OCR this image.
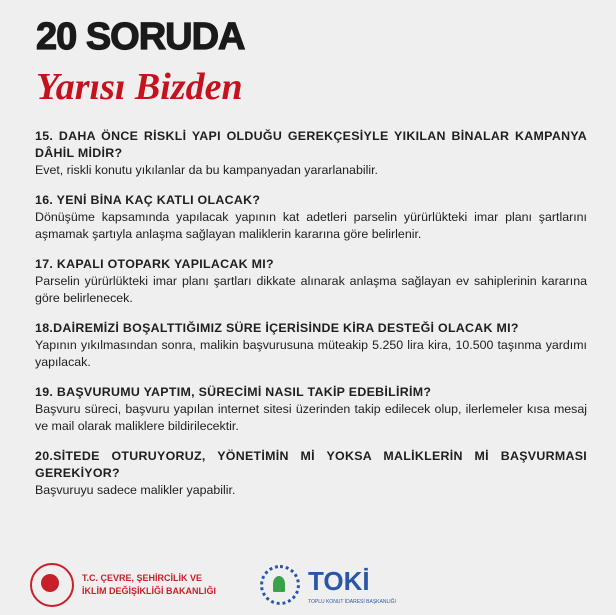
20 SORUDA
Yarısı Bizden
15. DAHA ÖNCE RİSKLİ YAPI OLDUĞU GEREKÇESİYLE YIKILAN BİNALAR KAMPANYA DÂHİL MİDİR?
Evet, riskli konutu yıkılanlar da bu kampanyadan yararlanabilir.
16. YENİ BİNA KAÇ KATLI OLACAK?
Dönüşüme kapsamında yapılacak yapının kat adetleri parselin yürürlükteki imar planı şartlarını aşmamak şartıyla anlaşma sağlayan maliklerin kararına göre belirlenir.
17. KAPALI OTOPARK YAPILACAK MI?
Parselin yürürlükteki imar planı şartları dikkate alınarak anlaşma sağlayan ev sahiplerinin kararına göre belirlenecek.
18.DAİREMİZİ BOŞALTTIĞIMIZ SÜRE İÇERİSİNDE KİRA DESTEĞİ OLACAK MI?
Yapının yıkılmasından sonra, malikin başvurusuna müteakip 5.250 lira kira, 10.500 taşınma yardımı yapılacak.
19. BAŞVURUMU YAPTIM, SÜRECİMİ NASIL TAKİP EDEBİLİRİM?
Başvuru süreci, başvuru yapılan internet sitesi üzerinden takip edilecek olup, ilerlemeler kısa mesaj ve mail olarak maliklere bildirilecektir.
20.SİTEDE OTURUYORUZ, YÖNETİMİN Mİ YOKSA MALİKLERİN Mİ BAŞVURMASI GEREKİYOR?
Başvuruyu sadece malikler yapabilir.
T.C. ÇEVRE, ŞEHİRCİLİK VE
İKLİM DEĞİŞİKLİĞİ BAKANLIĞI	TOKİ
TOPLU KONUT İDARESİ BAŞKANLIĞI
